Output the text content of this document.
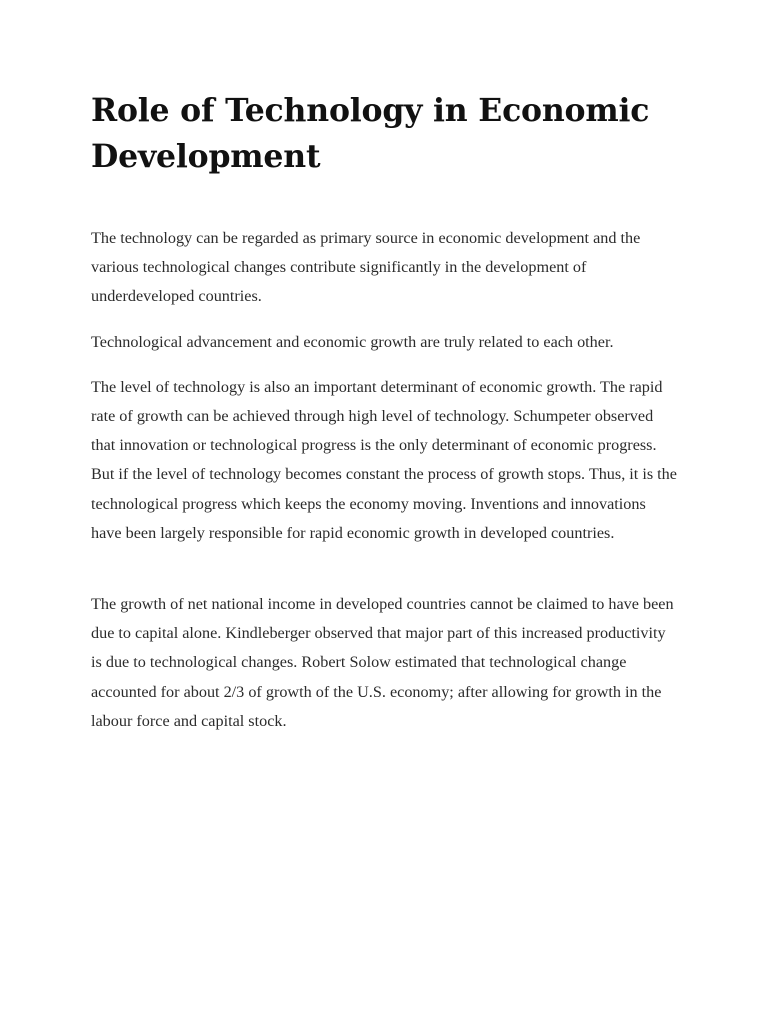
Role of Technology in Economic Development

The technology can be regarded as primary source in economic development and the various technological changes contribute significantly in the development of underdeveloped countries.

Technological advancement and economic growth are truly related to each other.

The level of technology is also an important determinant of economic growth. The rapid rate of growth can be achieved through high level of technology. Schumpeter observed that innovation or technological progress is the only determinant of economic progress. But if the level of technology becomes constant the process of growth stops. Thus, it is the technological progress which keeps the economy moving. Inventions and innovations have been largely responsible for rapid economic growth in developed countries.

The growth of net national income in developed countries cannot be claimed to have been due to capital alone. Kindleberger observed that major part of this increased productivity is due to technological changes. Robert Solow estimated that technological change accounted for about 2/3 of growth of the U.S. economy; after allowing for growth in the labour force and capital stock.
